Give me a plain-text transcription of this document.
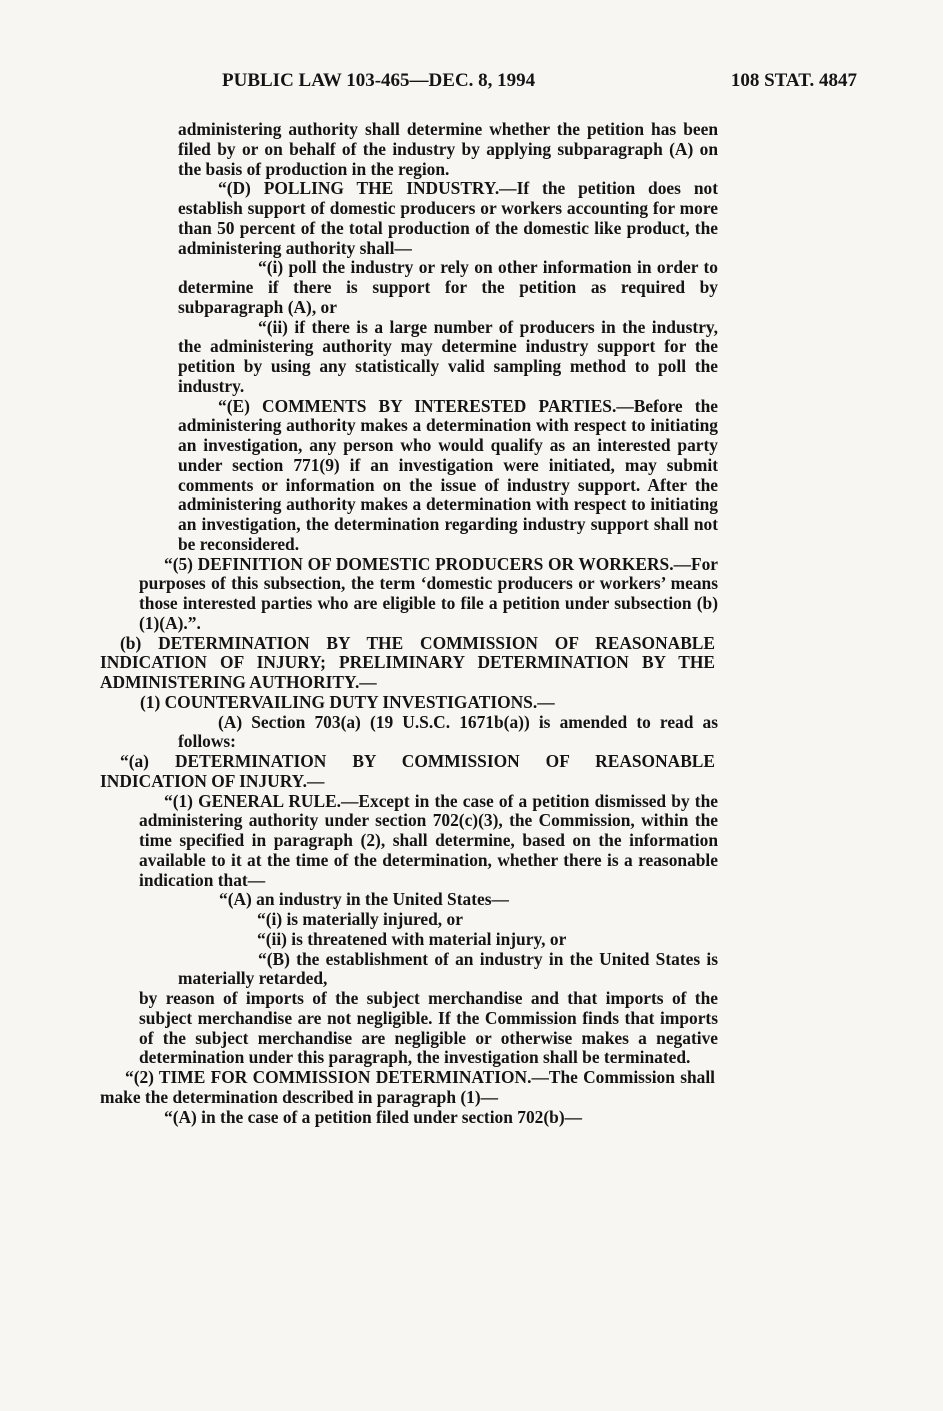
PUBLIC LAW 103-465—DEC. 8, 1994	108 STAT. 4847

administering authority shall determine whether the petition has been filed by or on behalf of the industry by applying subparagraph (A) on the basis of production in the region.

“(D) POLLING THE INDUSTRY.—If the petition does not establish support of domestic producers or workers accounting for more than 50 percent of the total production of the domestic like product, the administering authority shall—

“(i) poll the industry or rely on other information in order to determine if there is support for the petition as required by subparagraph (A), or

“(ii) if there is a large number of producers in the industry, the administering authority may determine industry support for the petition by using any statistically valid sampling method to poll the industry.

“(E) COMMENTS BY INTERESTED PARTIES.—Before the administering authority makes a determination with respect to initiating an investigation, any person who would qualify as an interested party under section 771(9) if an investigation were initiated, may submit comments or information on the issue of industry support. After the administering authority makes a determination with respect to initiating an investigation, the determination regarding industry support shall not be reconsidered.

“(5) DEFINITION OF DOMESTIC PRODUCERS OR WORKERS.—For purposes of this subsection, the term ‘domestic producers or workers’ means those interested parties who are eligible to file a petition under subsection (b)(1)(A).”.

(b) DETERMINATION BY THE COMMISSION OF REASONABLE INDICATION OF INJURY; PRELIMINARY DETERMINATION BY THE ADMINISTERING AUTHORITY.—

(1) COUNTERVAILING DUTY INVESTIGATIONS.—

(A) Section 703(a) (19 U.S.C. 1671b(a)) is amended to read as follows:

“(a) DETERMINATION BY COMMISSION OF REASONABLE INDICATION OF INJURY.—

“(1) GENERAL RULE.—Except in the case of a petition dismissed by the administering authority under section 702(c)(3), the Commission, within the time specified in paragraph (2), shall determine, based on the information available to it at the time of the determination, whether there is a reasonable indication that—

“(A) an industry in the United States—

“(i) is materially injured, or

“(ii) is threatened with material injury, or

“(B) the establishment of an industry in the United States is materially retarded,

by reason of imports of the subject merchandise and that imports of the subject merchandise are not negligible. If the Commission finds that imports of the subject merchandise are negligible or otherwise makes a negative determination under this paragraph, the investigation shall be terminated.

“(2) TIME FOR COMMISSION DETERMINATION.—The Commission shall make the determination described in paragraph (1)—

“(A) in the case of a petition filed under section 702(b)—
